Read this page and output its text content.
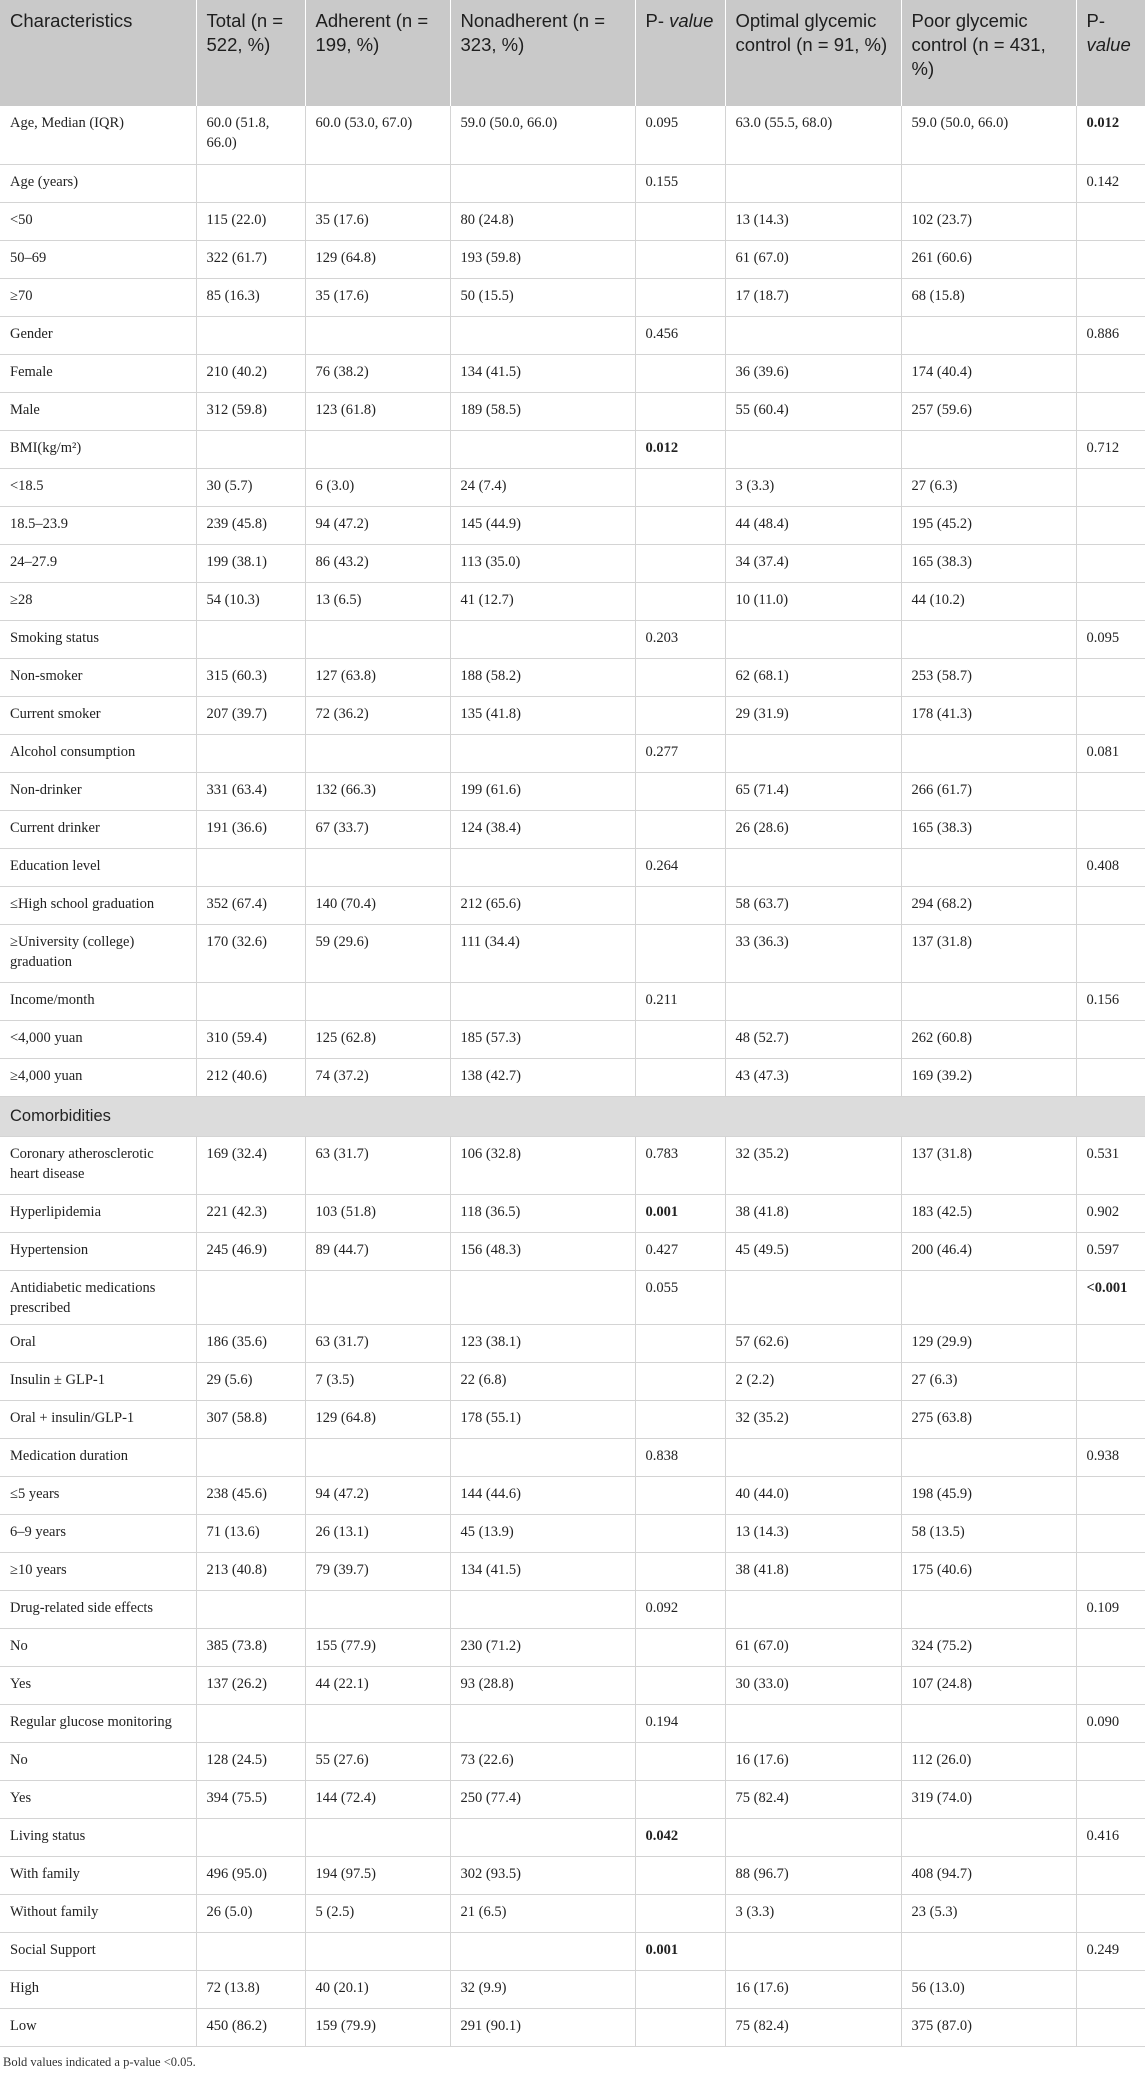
Characteristics	Total (n = 522, %)	Adherent (n = 199, %)	Nonadherent (n = 323, %)	P- value	Optimal glycemic control (n = 91, %)	Poor glycemic control (n = 431, %)	P- value
Age, Median (IQR)	60.0 (51.8, 66.0)	60.0 (53.0, 67.0)	59.0 (50.0, 66.0)	0.095	63.0 (55.5, 68.0)	59.0 (50.0, 66.0)	0.012
Age (years)				0.155			0.142
<50	115 (22.0)	35 (17.6)	80 (24.8)		13 (14.3)	102 (23.7)	
50–69	322 (61.7)	129 (64.8)	193 (59.8)		61 (67.0)	261 (60.6)	
≥70	85 (16.3)	35 (17.6)	50 (15.5)		17 (18.7)	68 (15.8)	
Gender				0.456			0.886
Female	210 (40.2)	76 (38.2)	134 (41.5)		36 (39.6)	174 (40.4)	
Male	312 (59.8)	123 (61.8)	189 (58.5)		55 (60.4)	257 (59.6)	
BMI(kg/m²)				0.012			0.712
<18.5	30 (5.7)	6 (3.0)	24 (7.4)		3 (3.3)	27 (6.3)	
18.5–23.9	239 (45.8)	94 (47.2)	145 (44.9)		44 (48.4)	195 (45.2)	
24–27.9	199 (38.1)	86 (43.2)	113 (35.0)		34 (37.4)	165 (38.3)	
≥28	54 (10.3)	13 (6.5)	41 (12.7)		10 (11.0)	44 (10.2)	
Smoking status				0.203			0.095
Non-smoker	315 (60.3)	127 (63.8)	188 (58.2)		62 (68.1)	253 (58.7)	
Current smoker	207 (39.7)	72 (36.2)	135 (41.8)		29 (31.9)	178 (41.3)	
Alcohol consumption				0.277			0.081
Non-drinker	331 (63.4)	132 (66.3)	199 (61.6)		65 (71.4)	266 (61.7)	
Current drinker	191 (36.6)	67 (33.7)	124 (38.4)		26 (28.6)	165 (38.3)	
Education level				0.264			0.408
≤High school graduation	352 (67.4)	140 (70.4)	212 (65.6)		58 (63.7)	294 (68.2)	
≥University (college) graduation	170 (32.6)	59 (29.6)	111 (34.4)		33 (36.3)	137 (31.8)	
Income/month				0.211			0.156
<4,000 yuan	310 (59.4)	125 (62.8)	185 (57.3)		48 (52.7)	262 (60.8)	
≥4,000 yuan	212 (40.6)	74 (37.2)	138 (42.7)		43 (47.3)	169 (39.2)	
Comorbidities							
Coronary atherosclerotic heart disease	169 (32.4)	63 (31.7)	106 (32.8)	0.783	32 (35.2)	137 (31.8)	0.531
Hyperlipidemia	221 (42.3)	103 (51.8)	118 (36.5)	0.001	38 (41.8)	183 (42.5)	0.902
Hypertension	245 (46.9)	89 (44.7)	156 (48.3)	0.427	45 (49.5)	200 (46.4)	0.597
Antidiabetic medications prescribed				0.055			<0.001
Oral	186 (35.6)	63 (31.7)	123 (38.1)		57 (62.6)	129 (29.9)	
Insulin ± GLP-1	29 (5.6)	7 (3.5)	22 (6.8)		2 (2.2)	27 (6.3)	
Oral + insulin/GLP-1	307 (58.8)	129 (64.8)	178 (55.1)		32 (35.2)	275 (63.8)	
Medication duration				0.838			0.938
≤5 years	238 (45.6)	94 (47.2)	144 (44.6)		40 (44.0)	198 (45.9)	
6–9 years	71 (13.6)	26 (13.1)	45 (13.9)		13 (14.3)	58 (13.5)	
≥10 years	213 (40.8)	79 (39.7)	134 (41.5)		38 (41.8)	175 (40.6)	
Drug-related side effects				0.092			0.109
No	385 (73.8)	155 (77.9)	230 (71.2)		61 (67.0)	324 (75.2)	
Yes	137 (26.2)	44 (22.1)	93 (28.8)		30 (33.0)	107 (24.8)	
Regular glucose monitoring				0.194			0.090
No	128 (24.5)	55 (27.6)	73 (22.6)		16 (17.6)	112 (26.0)	
Yes	394 (75.5)	144 (72.4)	250 (77.4)		75 (82.4)	319 (74.0)	
Living status				0.042			0.416
With family	496 (95.0)	194 (97.5)	302 (93.5)		88 (96.7)	408 (94.7)	
Without family	26 (5.0)	5 (2.5)	21 (6.5)		3 (3.3)	23 (5.3)	
Social Support				0.001			0.249
High	72 (13.8)	40 (20.1)	32 (9.9)		16 (17.6)	56 (13.0)	
Low	450 (86.2)	159 (79.9)	291 (90.1)		75 (82.4)	375 (87.0)	
Bold values indicated a p-value <0.05.
